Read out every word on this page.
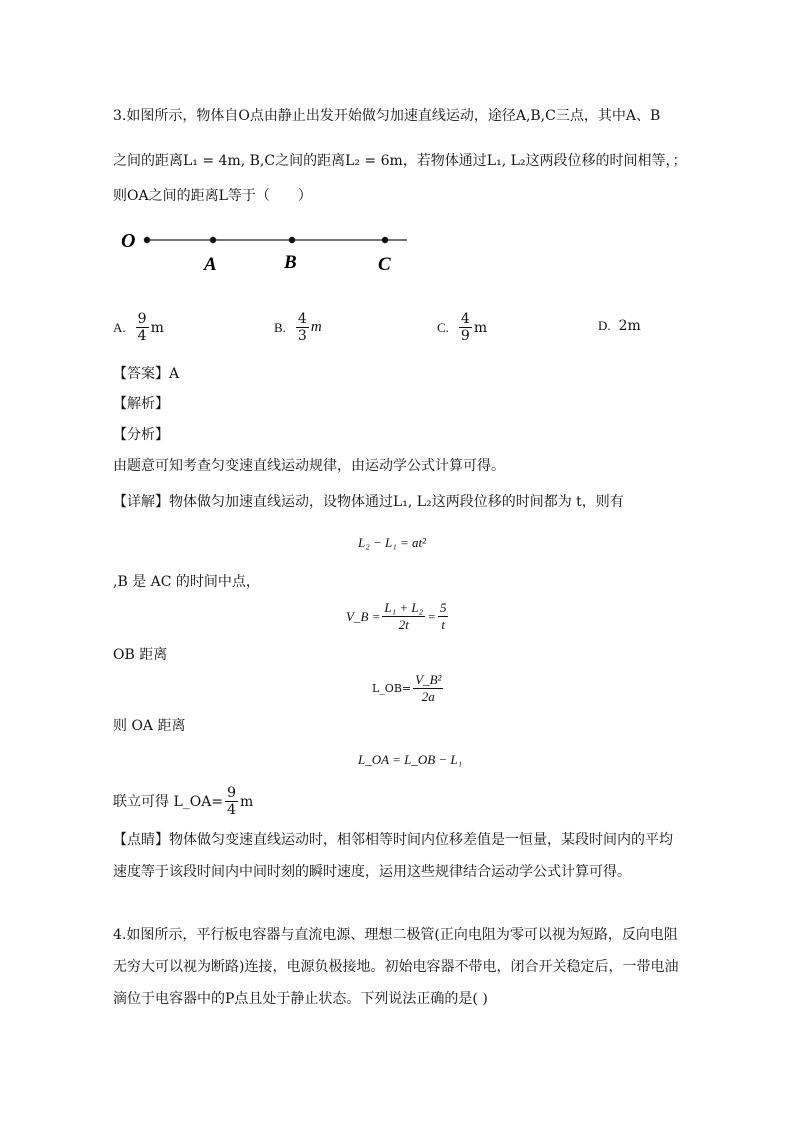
3.如图所示，物体自O点由静止出发开始做匀加速直线运动，途径A,B,C三点，其中A、B
之间的距离L₁ = 4m, B,C之间的距离L₂ = 6m，若物体通过L₁, L₂这两段位移的时间相等，；
则OA之间的距离L等于（　　）
O
A	B	C
A. $\frac{9}{4}$ m	B. $\frac{4}{3}$ m	C. $\frac{4}{9}$ m	D. 2m
【答案】A
【解析】
【分析】
由题意可知考查匀变速直线运动规律，由运动学公式计算可得。
【详解】物体做匀加速直线运动，设物体通过L₁, L₂这两段位移的时间都为 t，则有
L₂ − L₁ = at²
,B 是 AC 的时间中点，
V_B = $\frac{\text{L₁ + L₂}}{2t} = \frac{5}{t}$
OB 距离
L_OB= $\frac{\text{V\_B²}}{2a}$
则 OA 距离
L_OA = L_OB − L₁
联立可得 L_OA= $\frac{9}{4}$ m
【点睛】物体做匀变速直线运动时，相邻相等时间内位移差值是一恒量，某段时间内的平均
速度等于该段时间内中间时刻的瞬时速度，运用这些规律结合运动学公式计算可得。
4.如图所示，平行板电容器与直流电源、理想二极管(正向电阻为零可以视为短路，反向电阻
无穷大可以视为断路)连接，电源负极接地。初始电容器不带电，闭合开关稳定后，一带电油
滴位于电容器中的P点且处于静止状态。下列说法正确的是( )
